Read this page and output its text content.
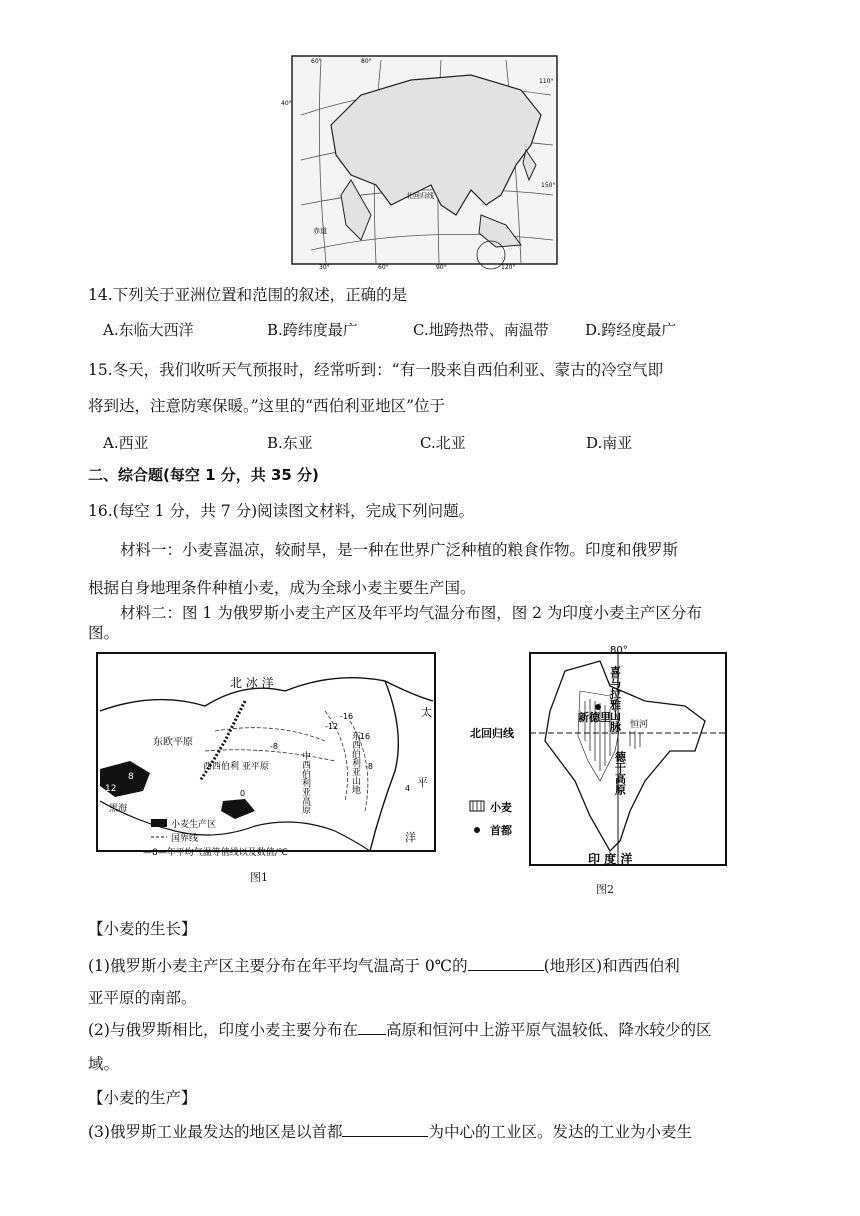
北回归线
赤道
40°
30°	60°	90°	120°
110°
150°
60°	80°
14.下列关于亚洲位置和范围的叙述，正确的是
A.东临大西洋	B.跨纬度最广	C.地跨热带、南温带 D.跨经度最广
15.冬天，我们收听天气预报时，经常听到：“有一股来自西伯利亚、蒙古的冷空气即
将到达，注意防寒保暖。”这里的“西伯利亚地区”位于
A.西亚	B.东亚	C.北亚	D.南亚
二、综合题(每空 1 分，共 35 分)
16.(每空 1 分，共 7 分)阅读图文材料，完成下列问题。
材料一：小麦喜温凉，较耐旱，是一种在世界广泛种植的粮食作物。印度和俄罗斯
根据自身地理条件种植小麦，成为全球小麦主要生产国。
材料二：图 1 为俄罗斯小麦主产区及年平均气温分布图，图 2 为印度小麦主产区分布
图。
小麦生产区
国界线
—8—年平均气温等值线以及数值/℃
北 冰 洋
太
平
洋
东欧平原
西西伯利 亚平原	中西伯利亚高原	东西伯利亚山地
黑海
-8
-12
-16
-16
0
-8
12
8
4
图1
小麦
首都
北回归线
80°
喜马拉雅山脉
新德里
德干高原
恒河
印 度 洋
图2
【小麦的生长】
(1)俄罗斯小麦主产区主要分布在年平均气温高于 0℃的	(地形区)和西西伯利
亚平原的南部。
(2)与俄罗斯相比，印度小麦主要分布在 高原和恒河中上游平原气温较低、降水较少的区
域。
【小麦的生产】
(3)俄罗斯工业最发达的地区是以首都	为中心的工业区。发达的工业为小麦生
